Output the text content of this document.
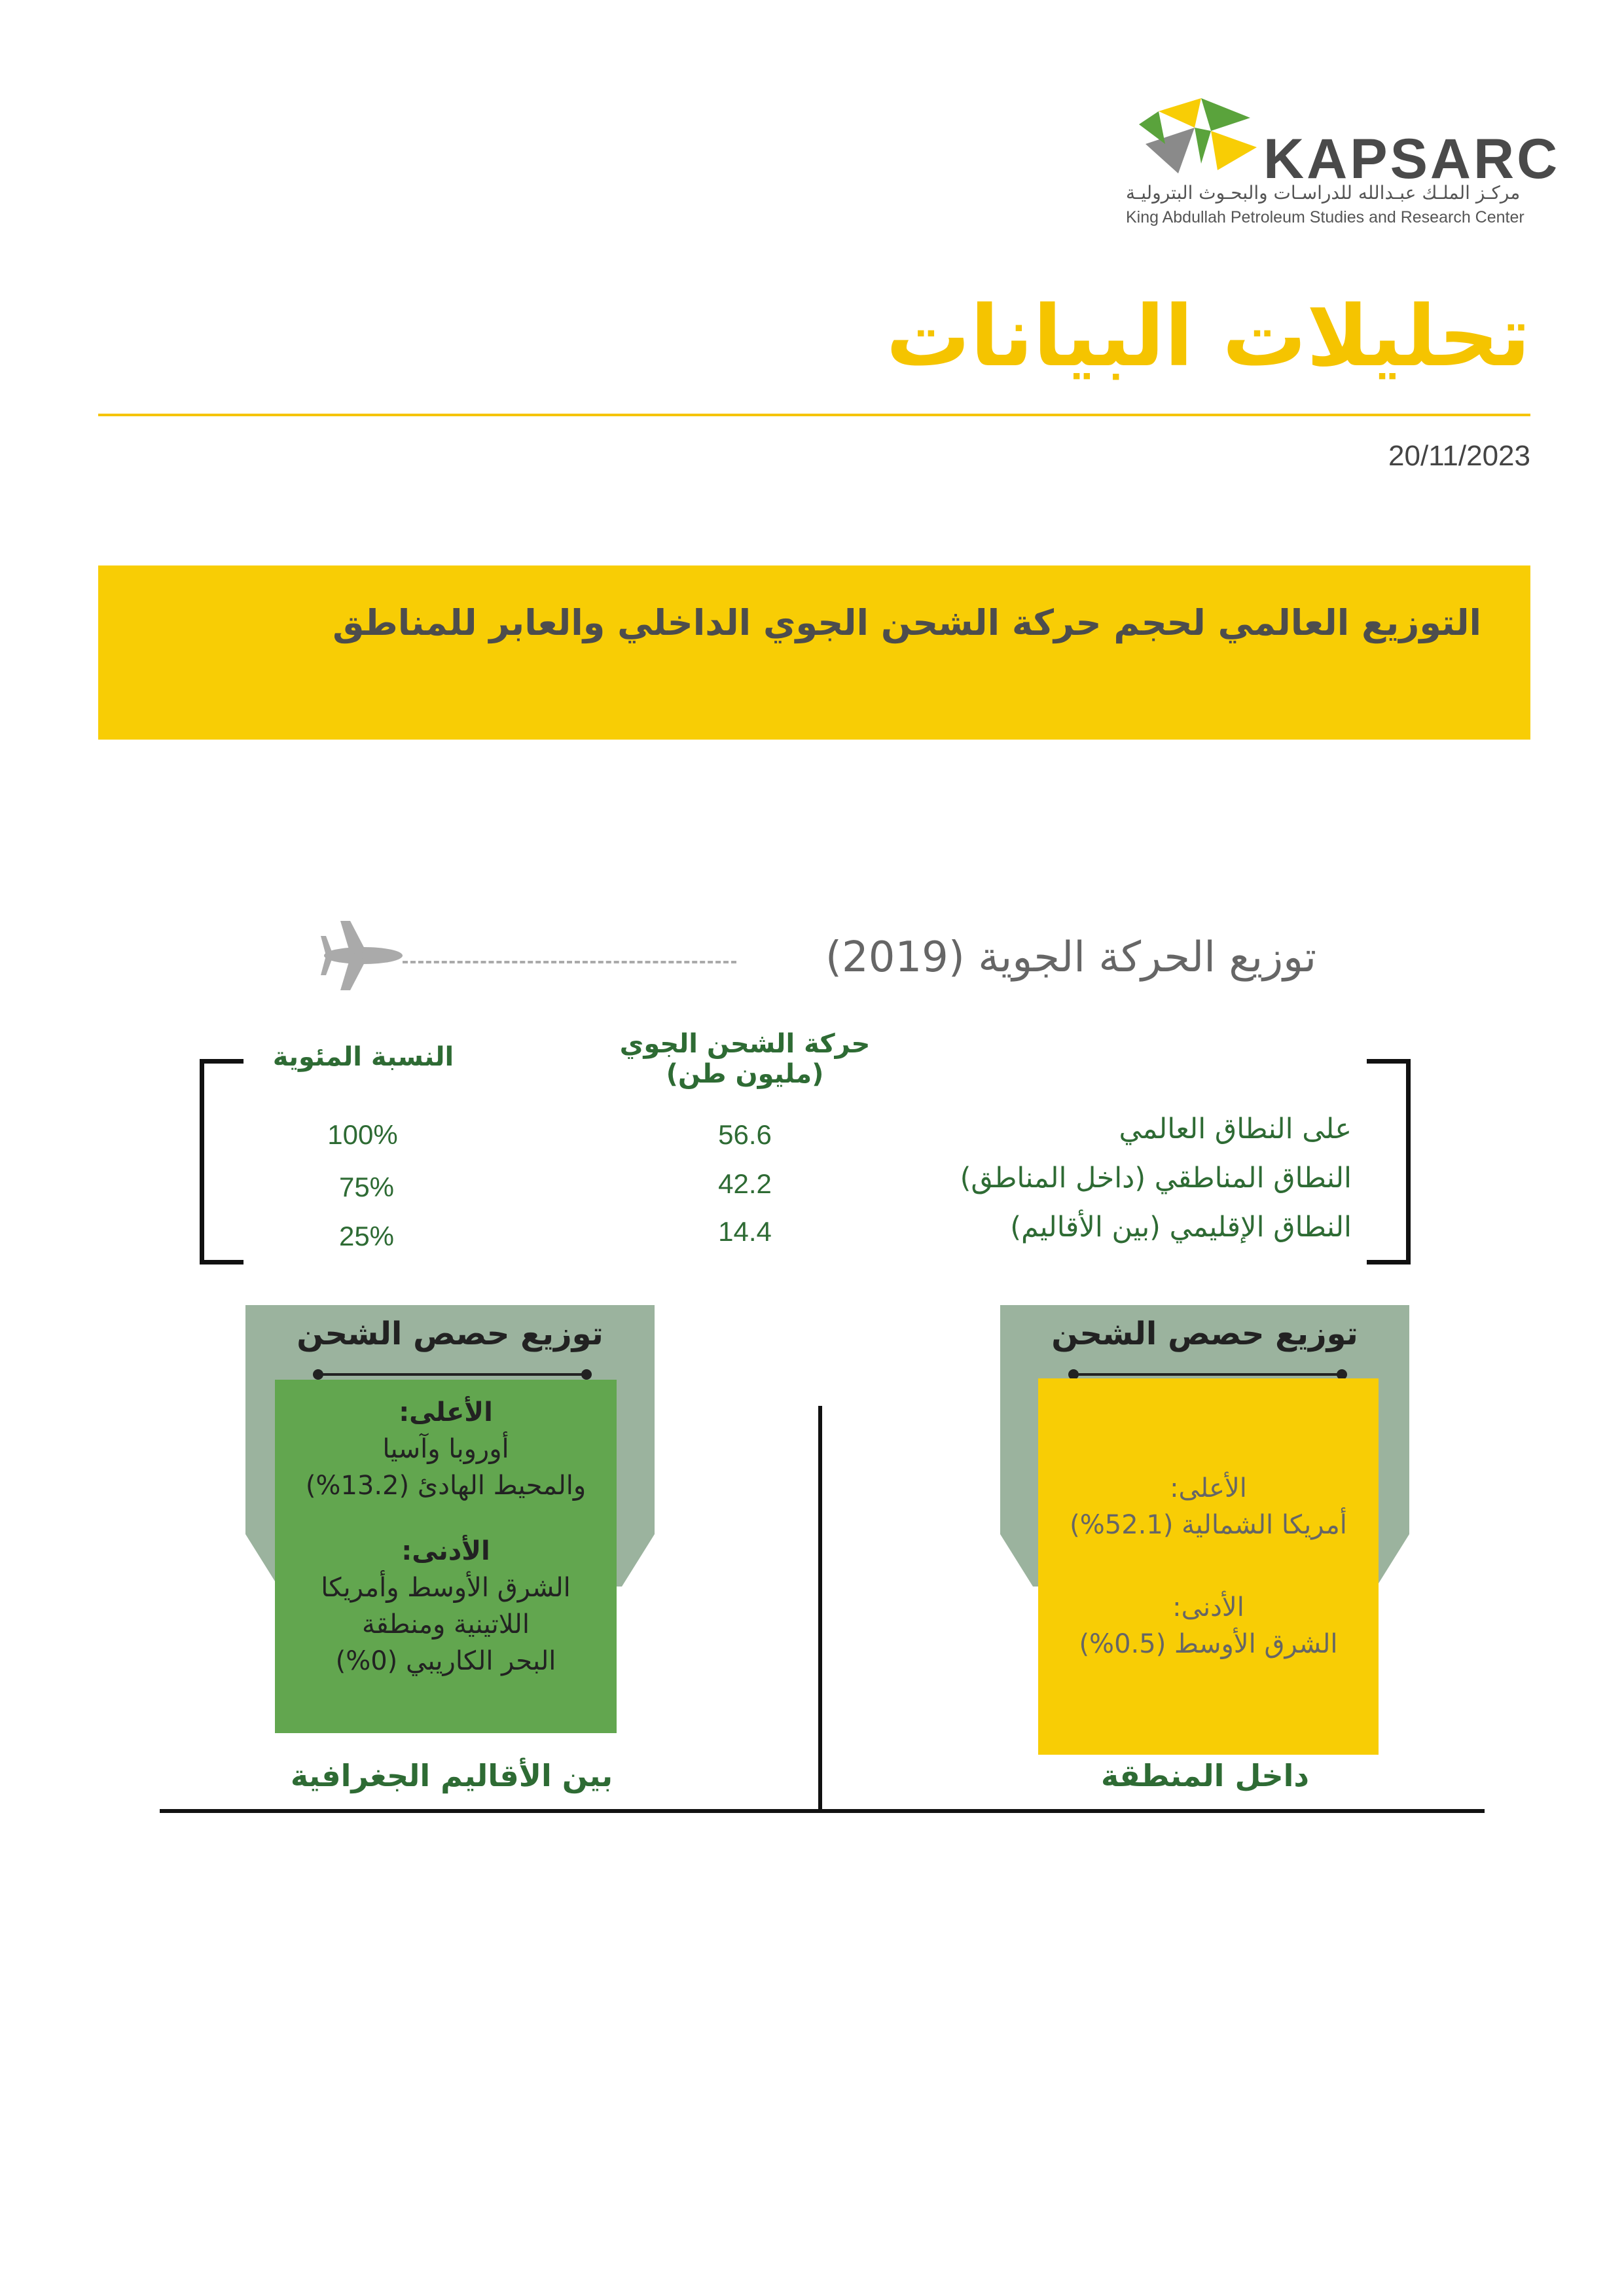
KAPSARC
مركـز الملـك عبـدالله للدراسـات والبحـوث البتروليـة
King Abdullah Petroleum Studies and Research Center
تحليلات البيانات
20/11/2023
التوزيع العالمي لحجم حركة الشحن الجوي الداخلي والعابر للمناطق
توزيع الحركة الجوية (2019)
حركة الشحن الجوي
(مليون طن)
النسبة المئوية
على النطاق العالمي
56.6
100%
النطاق المناطقي (داخل المناطق)
42.2
75%
النطاق الإقليمي (بين الأقاليم)
14.4
25%
توزيع حصص الشحن
الأعلى:
أوروبا وآسيا
والمحيط الهادئ (13.2%)
الأدنى:
الشرق الأوسط وأمريكا
اللاتينية ومنطقة
البحر الكاريبي (0%)
بين الأقاليم الجغرافية
توزيع حصص الشحن
الأعلى:
أمريكا الشمالية (52.1%)
الأدنى:
الشرق الأوسط (0.5%)
داخل المنطقة
